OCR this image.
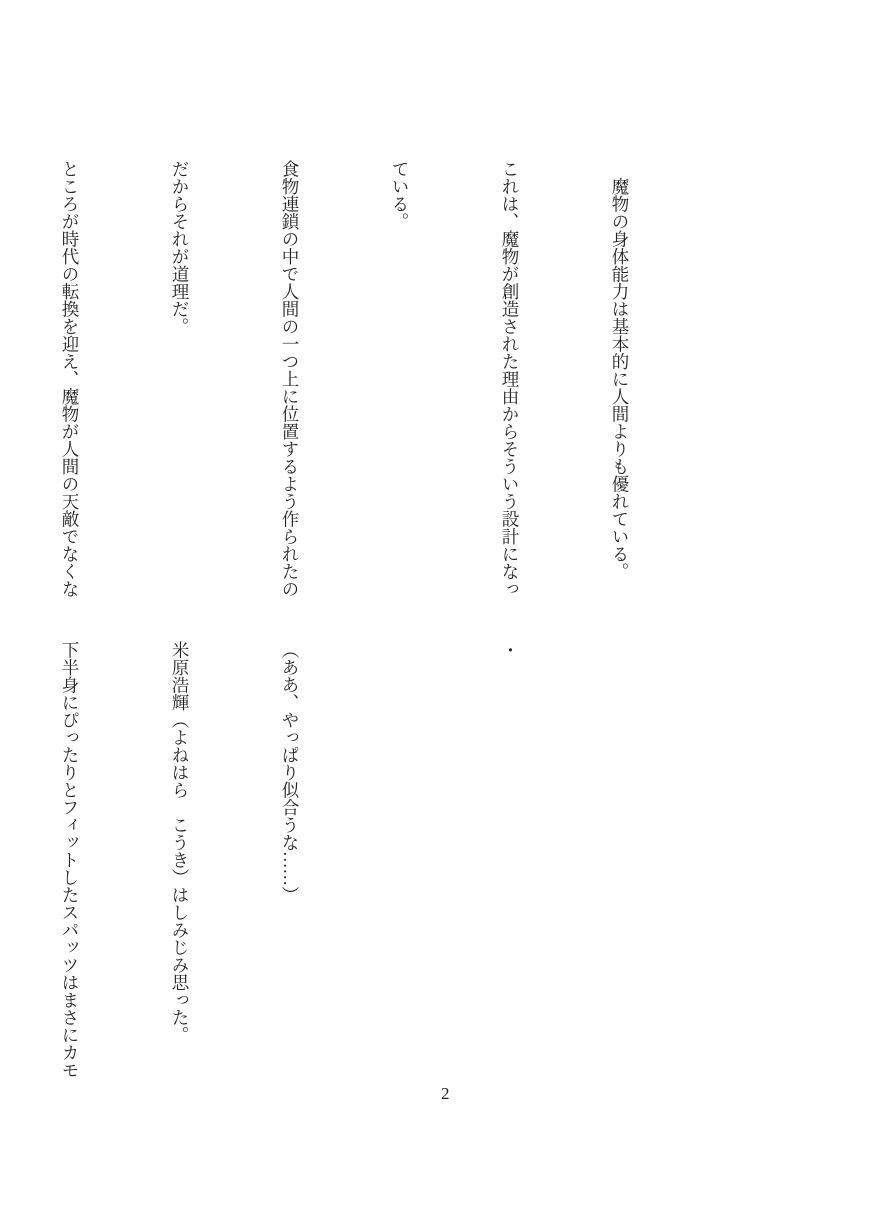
　魔物の身体能力は基本的に人間よりも優れている。

これは、魔物が創造された理由からそういう設計になっ

ている。

食物連鎖の中で人間の一つ上に位置するよう作られたの

だからそれが道理だ。

ところが時代の転換を迎え、魔物が人間の天敵でなくな

・

（ああ、やっぱり似合うな……）

米原浩輝（よねはら　こうき）はしみじみ思った。

下半身にぴったりとフィットしたスパッツはまさにカモ

2
